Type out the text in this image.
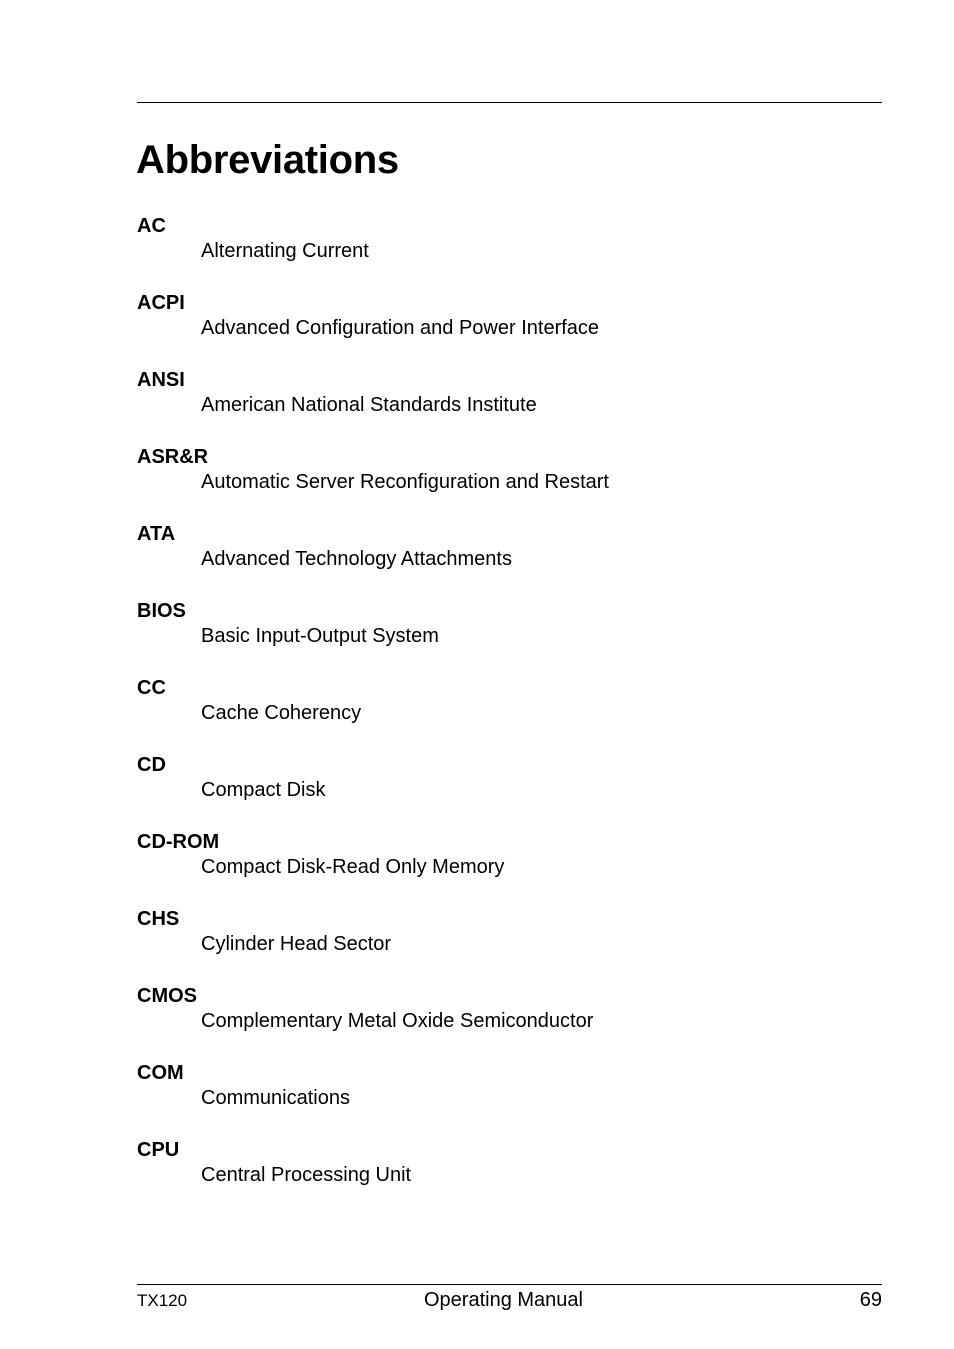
Abbreviations
AC
Alternating Current
ACPI
Advanced Configuration and Power Interface
ANSI
American National Standards Institute
ASR&R
Automatic Server Reconfiguration and Restart
ATA
Advanced Technology Attachments
BIOS
Basic Input-Output System
CC
Cache Coherency
CD
Compact Disk
CD-ROM
Compact Disk-Read Only Memory
CHS
Cylinder Head Sector
CMOS
Complementary Metal Oxide Semiconductor
COM
Communications
CPU
Central Processing Unit
TX120	Operating Manual	69
